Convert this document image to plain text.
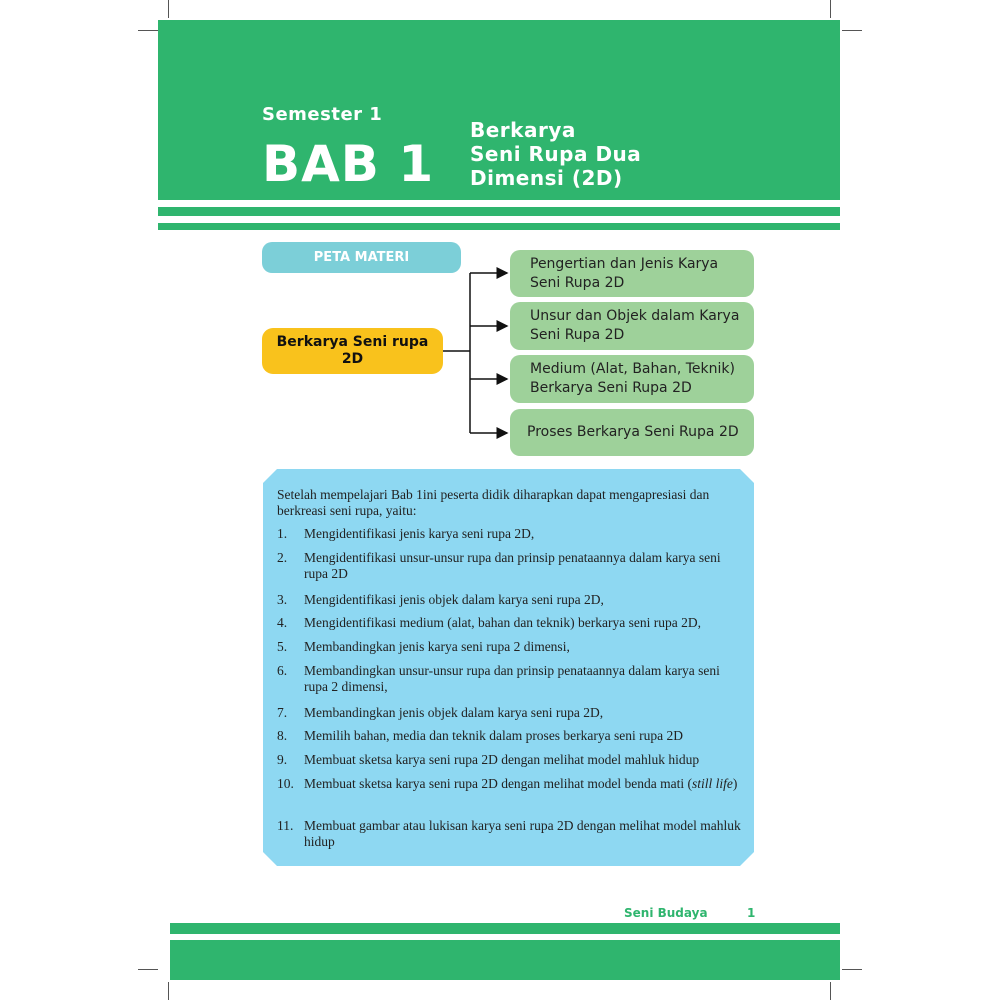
Semester 1
BAB 1
Berkarya
Seni Rupa Dua
Dimensi (2D)
PETA MATERI
Berkarya Seni rupa 2D
Pengertian dan Jenis Karya Seni Rupa 2D
Unsur dan Objek dalam Karya Seni Rupa 2D
Medium (Alat, Bahan, Teknik) Berkarya Seni Rupa 2D
Proses Berkarya Seni Rupa 2D
Setelah mempelajari Bab 1ini peserta didik diharapkan dapat mengapresiasi dan berkreasi seni rupa, yaitu:
1. Mengidentifikasi jenis karya seni rupa 2D,
2. Mengidentifikasi unsur-unsur rupa dan prinsip penataannya dalam karya seni rupa 2D
3. Mengidentifikasi jenis objek dalam karya seni rupa 2D,
4. Mengidentifikasi medium (alat, bahan dan teknik) berkarya seni rupa 2D,
5. Membandingkan jenis karya seni rupa 2 dimensi,
6. Membandingkan unsur-unsur rupa dan prinsip penataannya dalam karya seni rupa 2 dimensi,
7. Membandingkan jenis objek dalam karya seni rupa 2D,
8. Memilih bahan, media dan teknik dalam proses berkarya seni rupa 2D
9. Membuat sketsa karya seni rupa 2D dengan melihat model mahluk hidup
10. Membuat sketsa karya seni rupa 2D dengan melihat model benda mati (still life)
11. Membuat gambar atau lukisan karya seni rupa 2D dengan melihat model mahluk hidup
Seni Budaya	1
